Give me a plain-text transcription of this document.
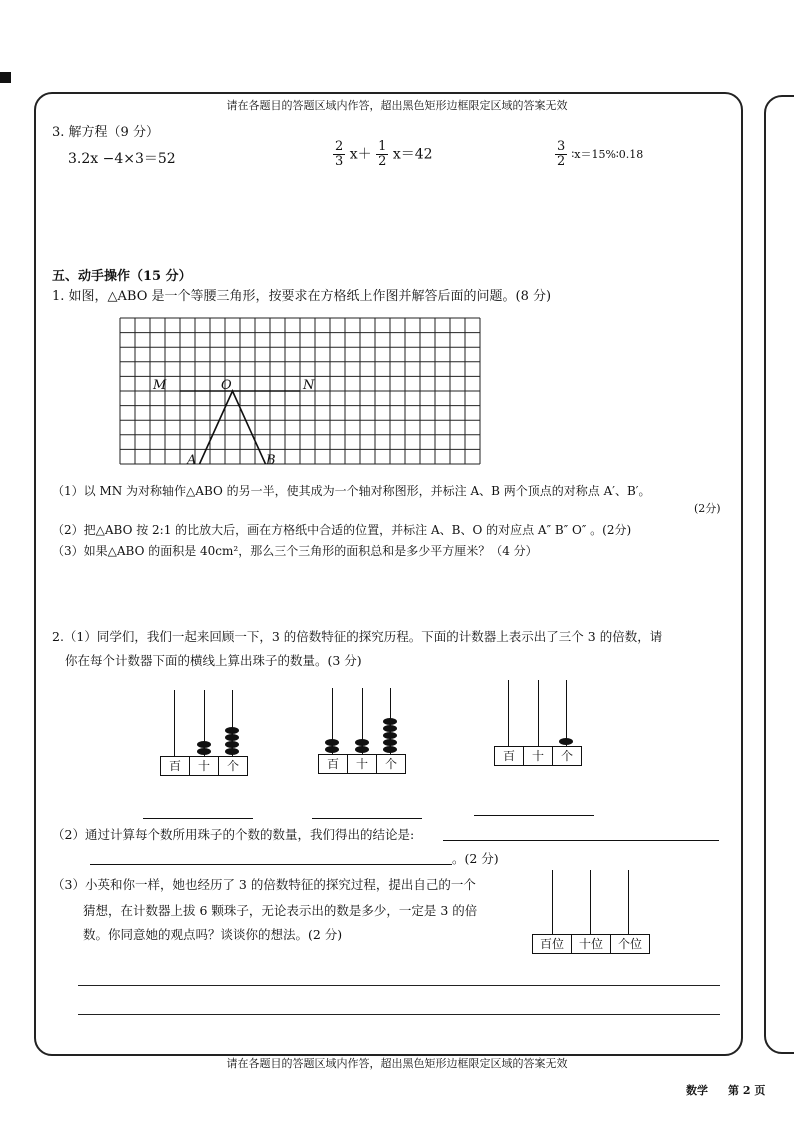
请在各题目的答题区域内作答，超出黑色矩形边框限定区域的答案无效
3. 解方程（9 分）
3.2x −4×3＝52	$\frac{2}{3} x+ \frac{1}{2} x=42$	$\frac{3}{2}$ ∶x＝15%∶0.18
五、动手操作（15 分）
1. 如图，△ABO 是一个等腰三角形，按要求在方格纸上作图并解答后面的问题。(8 分)
M	O	N
A	B
（1）以 MN 为对称轴作△ABO 的另一半，使其成为一个轴对称图形，并标注 A、B 两个顶点的对称点 A′、B′。
(2分)
（2）把△ABO 按 2:1 的比放大后，画在方格纸中合适的位置，并标注 A、B、O 的对应点 A″ B″ O″ 。(2分)
（3）如果△ABO 的面积是 40cm²，那么三个三角形的面积总和是多少平方厘米？（4 分）
2.（1）同学们，我们一起来回顾一下，3 的倍数特征的探究历程。下面的计数器上表示出了三个 3 的倍数，请
你在每个计数器下面的横线上算出珠子的数量。(3 分)
百	十	个	百	十	个
百	十	个
（2）通过计算每个数所用珠子的个数的数量，我们得出的结论是:
。(2 分)
（3）小英和你一样，她也经历了 3 的倍数特征的探究过程，提出自己的一个
猜想，在计数器上拔 6 颗珠子，无论表示出的数是多少，一定是 3 的倍
数。你同意她的观点吗？谈谈你的想法。(2 分)
百位	十位	个位
请在各题目的答题区域内作答，超出黑色矩形边框限定区域的答案无效
数学 第 2 页
